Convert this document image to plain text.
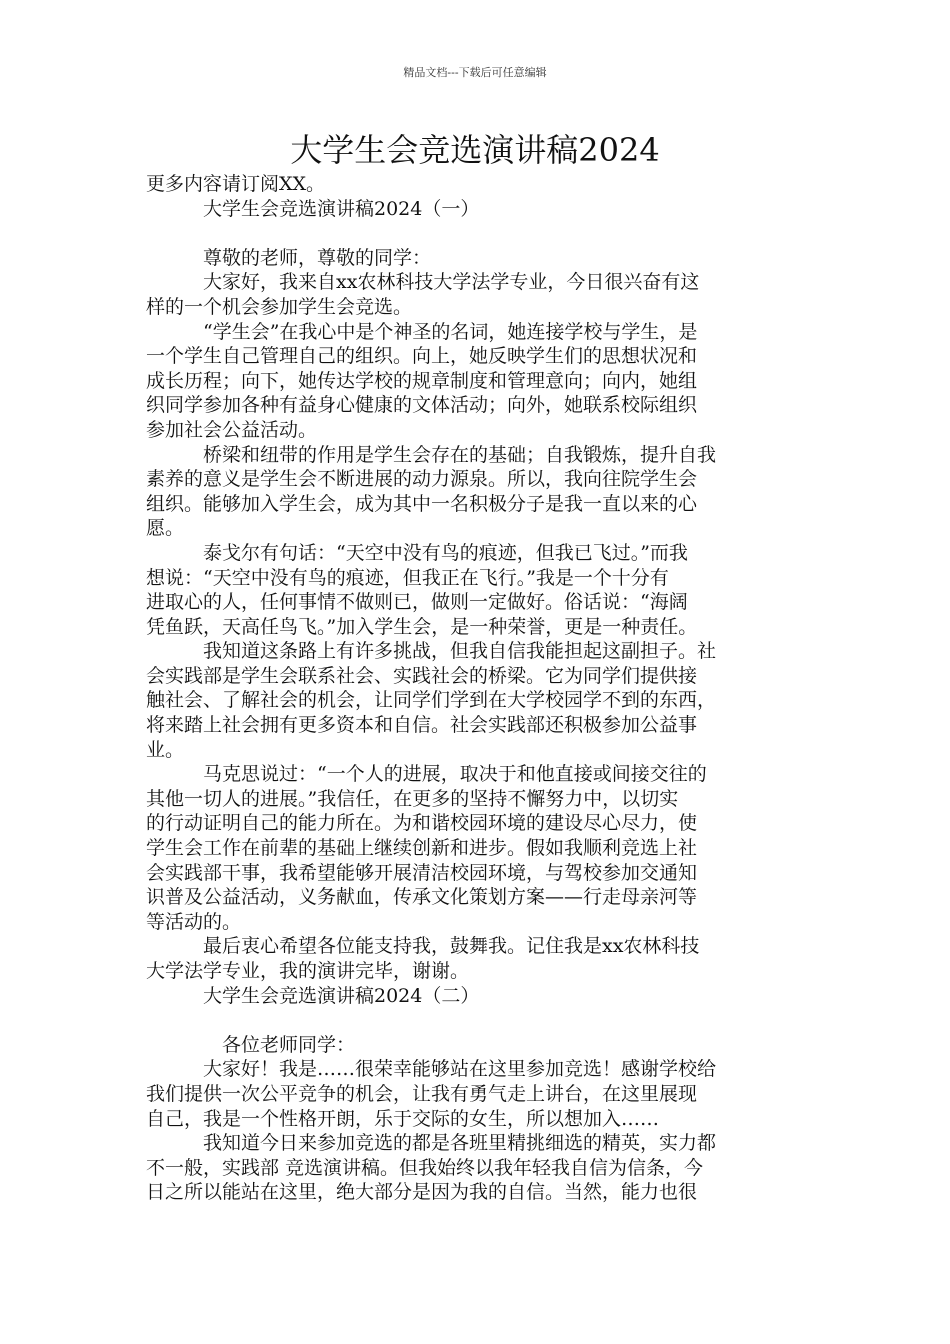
精品文档---下载后可任意编辑
大学生会竞选演讲稿2024
更多内容请订阅XX。
　　　大学生会竞选演讲稿2024（一）
　　　尊敬的老师，尊敬的同学：
　　　大家好，我来自xx农林科技大学法学专业，今日很兴奋有这
样的一个机会参加学生会竞选。
　　　“学生会”在我心中是个神圣的名词，她连接学校与学生，是
一个学生自己管理自己的组织。向上，她反映学生们的思想状况和
成长历程；向下，她传达学校的规章制度和管理意向；向内，她组
织同学参加各种有益身心健康的文体活动；向外，她联系校际组织
参加社会公益活动。
　　　桥梁和纽带的作用是学生会存在的基础；自我锻炼，提升自我
素养的意义是学生会不断进展的动力源泉。所以，我向往院学生会
组织。能够加入学生会，成为其中一名积极分子是我一直以来的心
愿。
　　　泰戈尔有句话：“天空中没有鸟的痕迹，但我已飞过。”而我
想说：“天空中没有鸟的痕迹，但我正在飞行。”我是一个十分有
进取心的人，任何事情不做则已，做则一定做好。俗话说：“海阔
凭鱼跃，天高任鸟飞。”加入学生会，是一种荣誉，更是一种责任。
　　　我知道这条路上有许多挑战，但我自信我能担起这副担子。社
会实践部是学生会联系社会、实践社会的桥梁。它为同学们提供接
触社会、了解社会的机会，让同学们学到在大学校园学不到的东西，
将来踏上社会拥有更多资本和自信。社会实践部还积极参加公益事
业。
　　　马克思说过：“一个人的进展，取决于和他直接或间接交往的
其他一切人的进展。”我信任，在更多的坚持不懈努力中，以切实
的行动证明自己的能力所在。为和谐校园环境的建设尽心尽力，使
学生会工作在前辈的基础上继续创新和进步。假如我顺利竞选上社
会实践部干事，我希望能够开展清洁校园环境，与驾校参加交通知
识普及公益活动，义务献血，传承文化策划方案——行走母亲河等
等活动的。
　　　最后衷心希望各位能支持我，鼓舞我。记住我是xx农林科技
大学法学专业，我的演讲完毕，谢谢。
　　　大学生会竞选演讲稿2024（二）
　　　　各位老师同学：
　　　大家好！我是……很荣幸能够站在这里参加竞选！感谢学校给
我们提供一次公平竞争的机会，让我有勇气走上讲台，在这里展现
自己，我是一个性格开朗，乐于交际的女生，所以想加入……
　　　我知道今日来参加竞选的都是各班里精挑细选的精英，实力都
不一般，实践部 竞选演讲稿。但我始终以我年轻我自信为信条，今
日之所以能站在这里，绝大部分是因为我的自信。当然，能力也很
